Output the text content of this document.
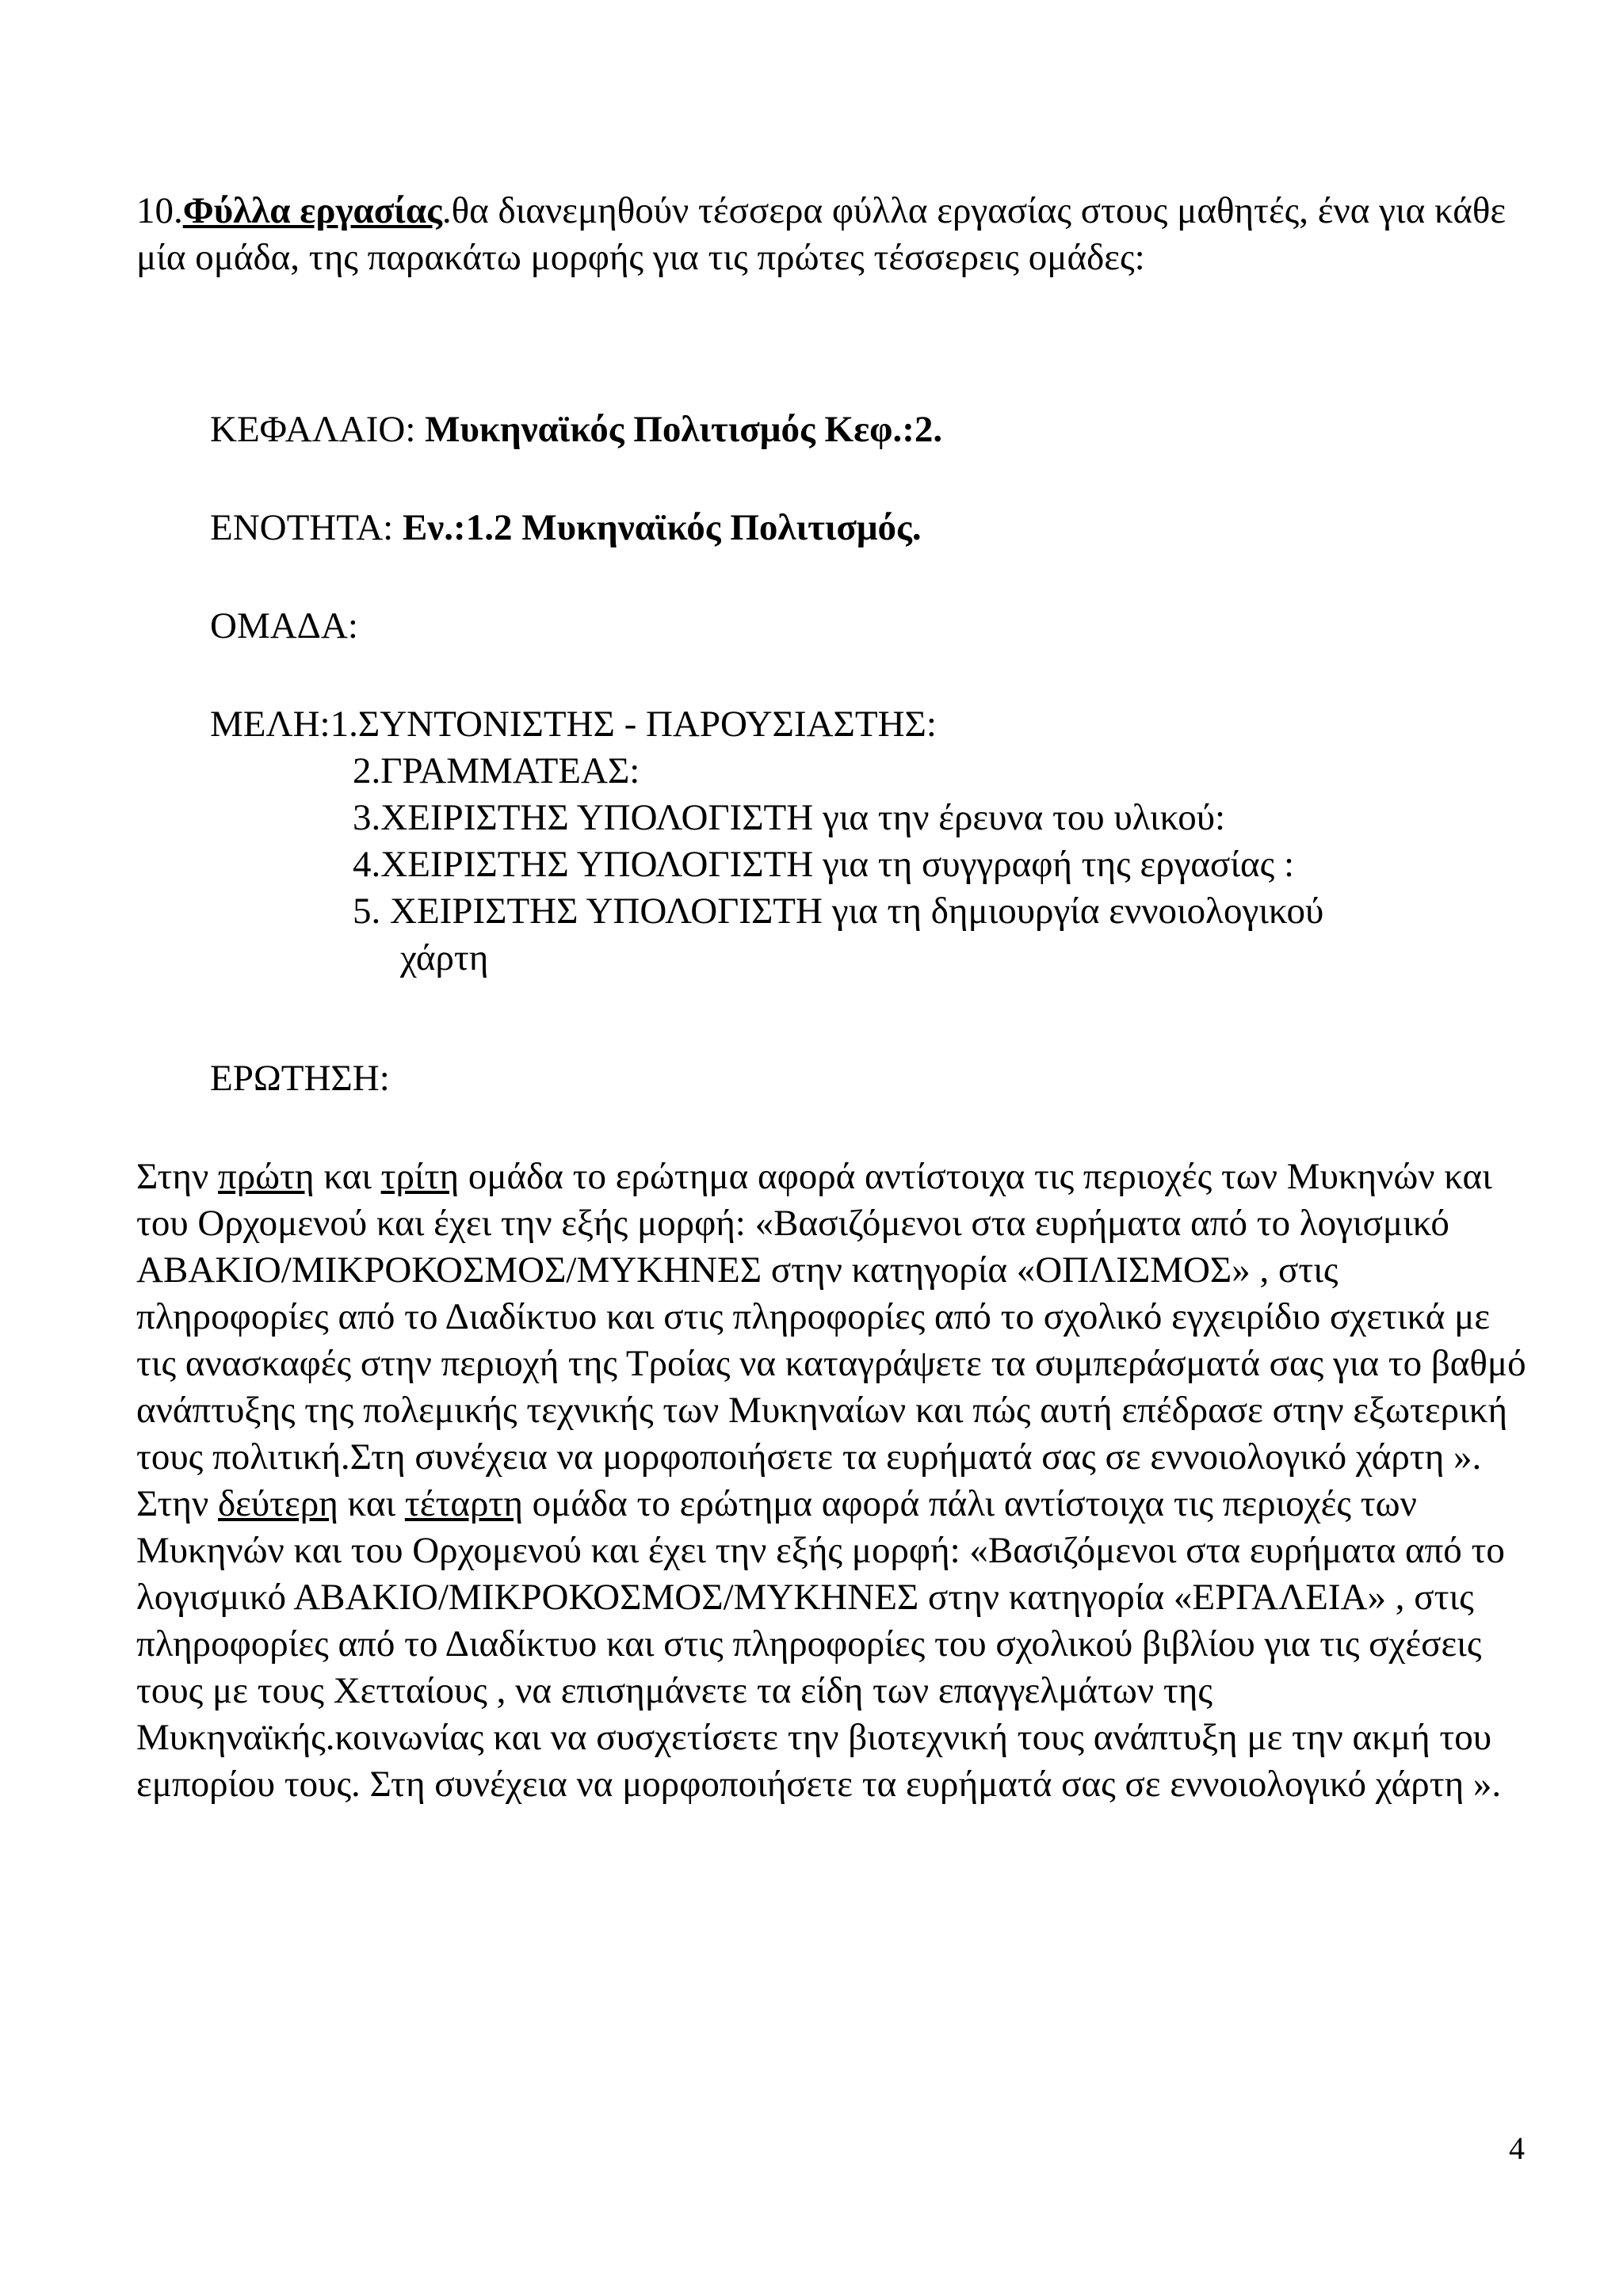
10.Φύλλα εργασίας.θα διανεμηθούν τέσσερα φύλλα εργασίας στους μαθητές, ένα για κάθε μία ομάδα, της παρακάτω μορφής για τις πρώτες τέσσερεις ομάδες:
ΚΕΦΑΛΑΙΟ: Μυκηναϊκός Πολιτισμός Κεφ.:2.
ΕΝΟΤΗΤΑ: Εν.:1.2 Μυκηναϊκός Πολιτισμός.
ΟΜΑΔΑ:
ΜΕΛΗ:1.ΣΥΝΤΟΝΙΣΤΗΣ - ΠΑΡΟΥΣΙΑΣΤΗΣ:
2.ΓΡΑΜΜΑΤΕΑΣ:
3.ΧΕΙΡΙΣΤΗΣ ΥΠΟΛΟΓΙΣΤΗ για την έρευνα του υλικού:
4.ΧΕΙΡΙΣΤΗΣ ΥΠΟΛΟΓΙΣΤΗ για τη συγγραφή της εργασίας :
5. ΧΕΙΡΙΣΤΗΣ ΥΠΟΛΟΓΙΣΤΗ για τη δημιουργία εννοιολογικού
χάρτη
ΕΡΩΤΗΣΗ:

Στην πρώτη και τρίτη ομάδα το ερώτημα αφορά αντίστοιχα τις περιοχές των Μυκηνών και του Ορχομενού και έχει την εξής μορφή: «Βασιζόμενοι στα ευρήματα από το λογισμικό ΑΒΑΚΙΟ/ΜΙΚΡΟΚΟΣΜΟΣ/ΜΥΚΗΝΕΣ στην κατηγορία «ΟΠΛΙΣΜΟΣ» , στις πληροφορίες από το Διαδίκτυο και στις πληροφορίες από το σχολικό εγχειρίδιο σχετικά με τις ανασκαφές στην περιοχή της Τροίας να καταγράψετε τα συμπεράσματά σας για το βαθμό ανάπτυξης της πολεμικής τεχνικής των Μυκηναίων και πώς αυτή επέδρασε στην εξωτερική τους πολιτική.Στη συνέχεια να μορφοποιήσετε τα ευρήματά σας σε εννοιολογικό χάρτη ».

Στην δεύτερη και τέταρτη ομάδα το ερώτημα αφορά πάλι αντίστοιχα τις περιοχές των Μυκηνών και του Ορχομενού και έχει την εξής μορφή: «Βασιζόμενοι στα ευρήματα από το λογισμικό ΑΒΑΚΙΟ/ΜΙΚΡΟΚΟΣΜΟΣ/ΜΥΚΗΝΕΣ στην κατηγορία «ΕΡΓΑΛΕΙΑ» , στις πληροφορίες από το Διαδίκτυο και στις πληροφορίες του σχολικού βιβλίου για τις σχέσεις τους με τους Χετταίους , να επισημάνετε τα είδη των επαγγελμάτων της Μυκηναϊκής.κοινωνίας και να συσχετίσετε την βιοτεχνική τους ανάπτυξη με την ακμή του εμπορίου τους. Στη συνέχεια να μορφοποιήσετε τα ευρήματά σας σε εννοιολογικό χάρτη ».

4
